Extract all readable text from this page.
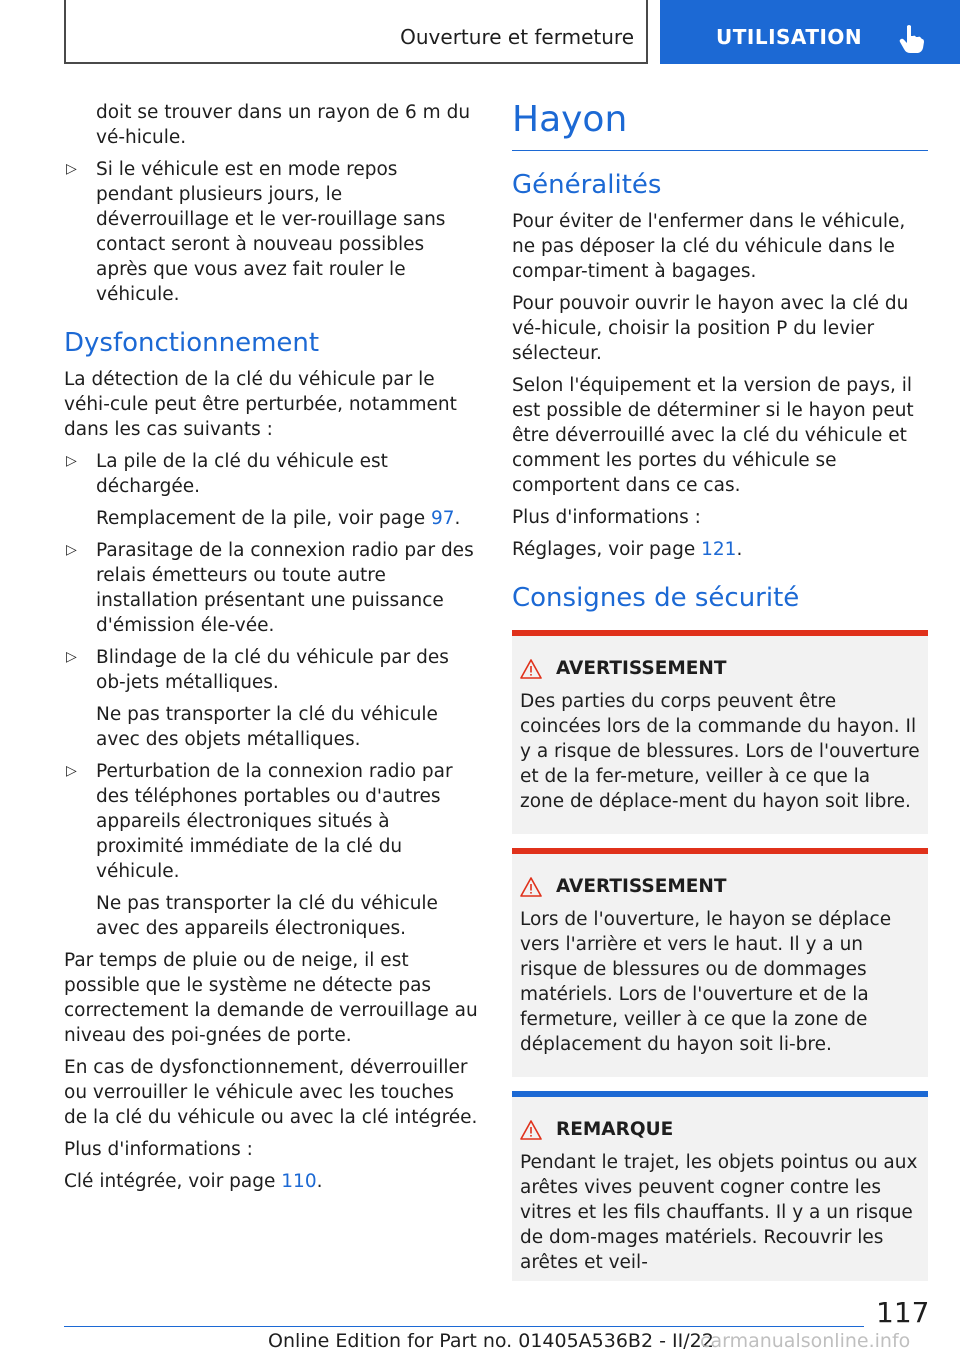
Ouverture et fermeture	UTILISATION

doit se trouver dans un rayon de 6 m du vé-hicule.

▷ Si le véhicule est en mode repos pendant plusieurs jours, le déverrouillage et le ver-rouillage sans contact seront à nouveau possibles après que vous avez fait rouler le véhicule.
Dysfonctionnement

La détection de la clé du véhicule par le véhi-cule peut être perturbée, notamment dans les cas suivants :

▷ La pile de la clé du véhicule est déchargée.

Remplacement de la pile, voir page 97.

▷ Parasitage de la connexion radio par des relais émetteurs ou toute autre installation présentant une puissance d'émission éle-vée.
▷ Blindage de la clé du véhicule par des ob-jets métalliques.

Ne pas transporter la clé du véhicule avec des objets métalliques.

▷ Perturbation de la connexion radio par des téléphones portables ou d'autres appareils électroniques situés à proximité immédiate de la clé du véhicule.

Ne pas transporter la clé du véhicule avec des appareils électroniques.

Par temps de pluie ou de neige, il est possible que le système ne détecte pas correctement la demande de verrouillage au niveau des poi-gnées de porte.

En cas de dysfonctionnement, déverrouiller ou verrouiller le véhicule avec les touches de la clé du véhicule ou avec la clé intégrée.

Plus d'informations :

Clé intégrée, voir page 110.

Hayon
Généralités

Pour éviter de l'enfermer dans le véhicule, ne pas déposer la clé du véhicule dans le compar-timent à bagages.

Pour pouvoir ouvrir le hayon avec la clé du vé-hicule, choisir la position P du levier sélecteur.

Selon l'équipement et la version de pays, il est possible de déterminer si le hayon peut être déverrouillé avec la clé du véhicule et comment les portes du véhicule se comportent dans ce cas.

Plus d'informations :

Réglages, voir page 121.

Consignes de sécurité
AVERTISSEMENT
Des parties du corps peuvent être coincées lors de la commande du hayon. Il y a risque de blessures. Lors de l'ouverture et de la fer-meture, veiller à ce que la zone de déplace-ment du hayon soit libre.
AVERTISSEMENT
Lors de l'ouverture, le hayon se déplace vers l'arrière et vers le haut. Il y a un risque de blessures ou de dommages matériels. Lors de l'ouverture et de la fermeture, veiller à ce que la zone de déplacement du hayon soit li-bre.
REMARQUE
Pendant le trajet, les objets pointus ou aux arêtes vives peuvent cogner contre les vitres et les fils chauffants. Il y a un risque de dom-mages matériels. Recouvrir les arêtes et veil-
117
Online Edition for Part no. 01405A536B2 - II/22
carmanualsonline.info
